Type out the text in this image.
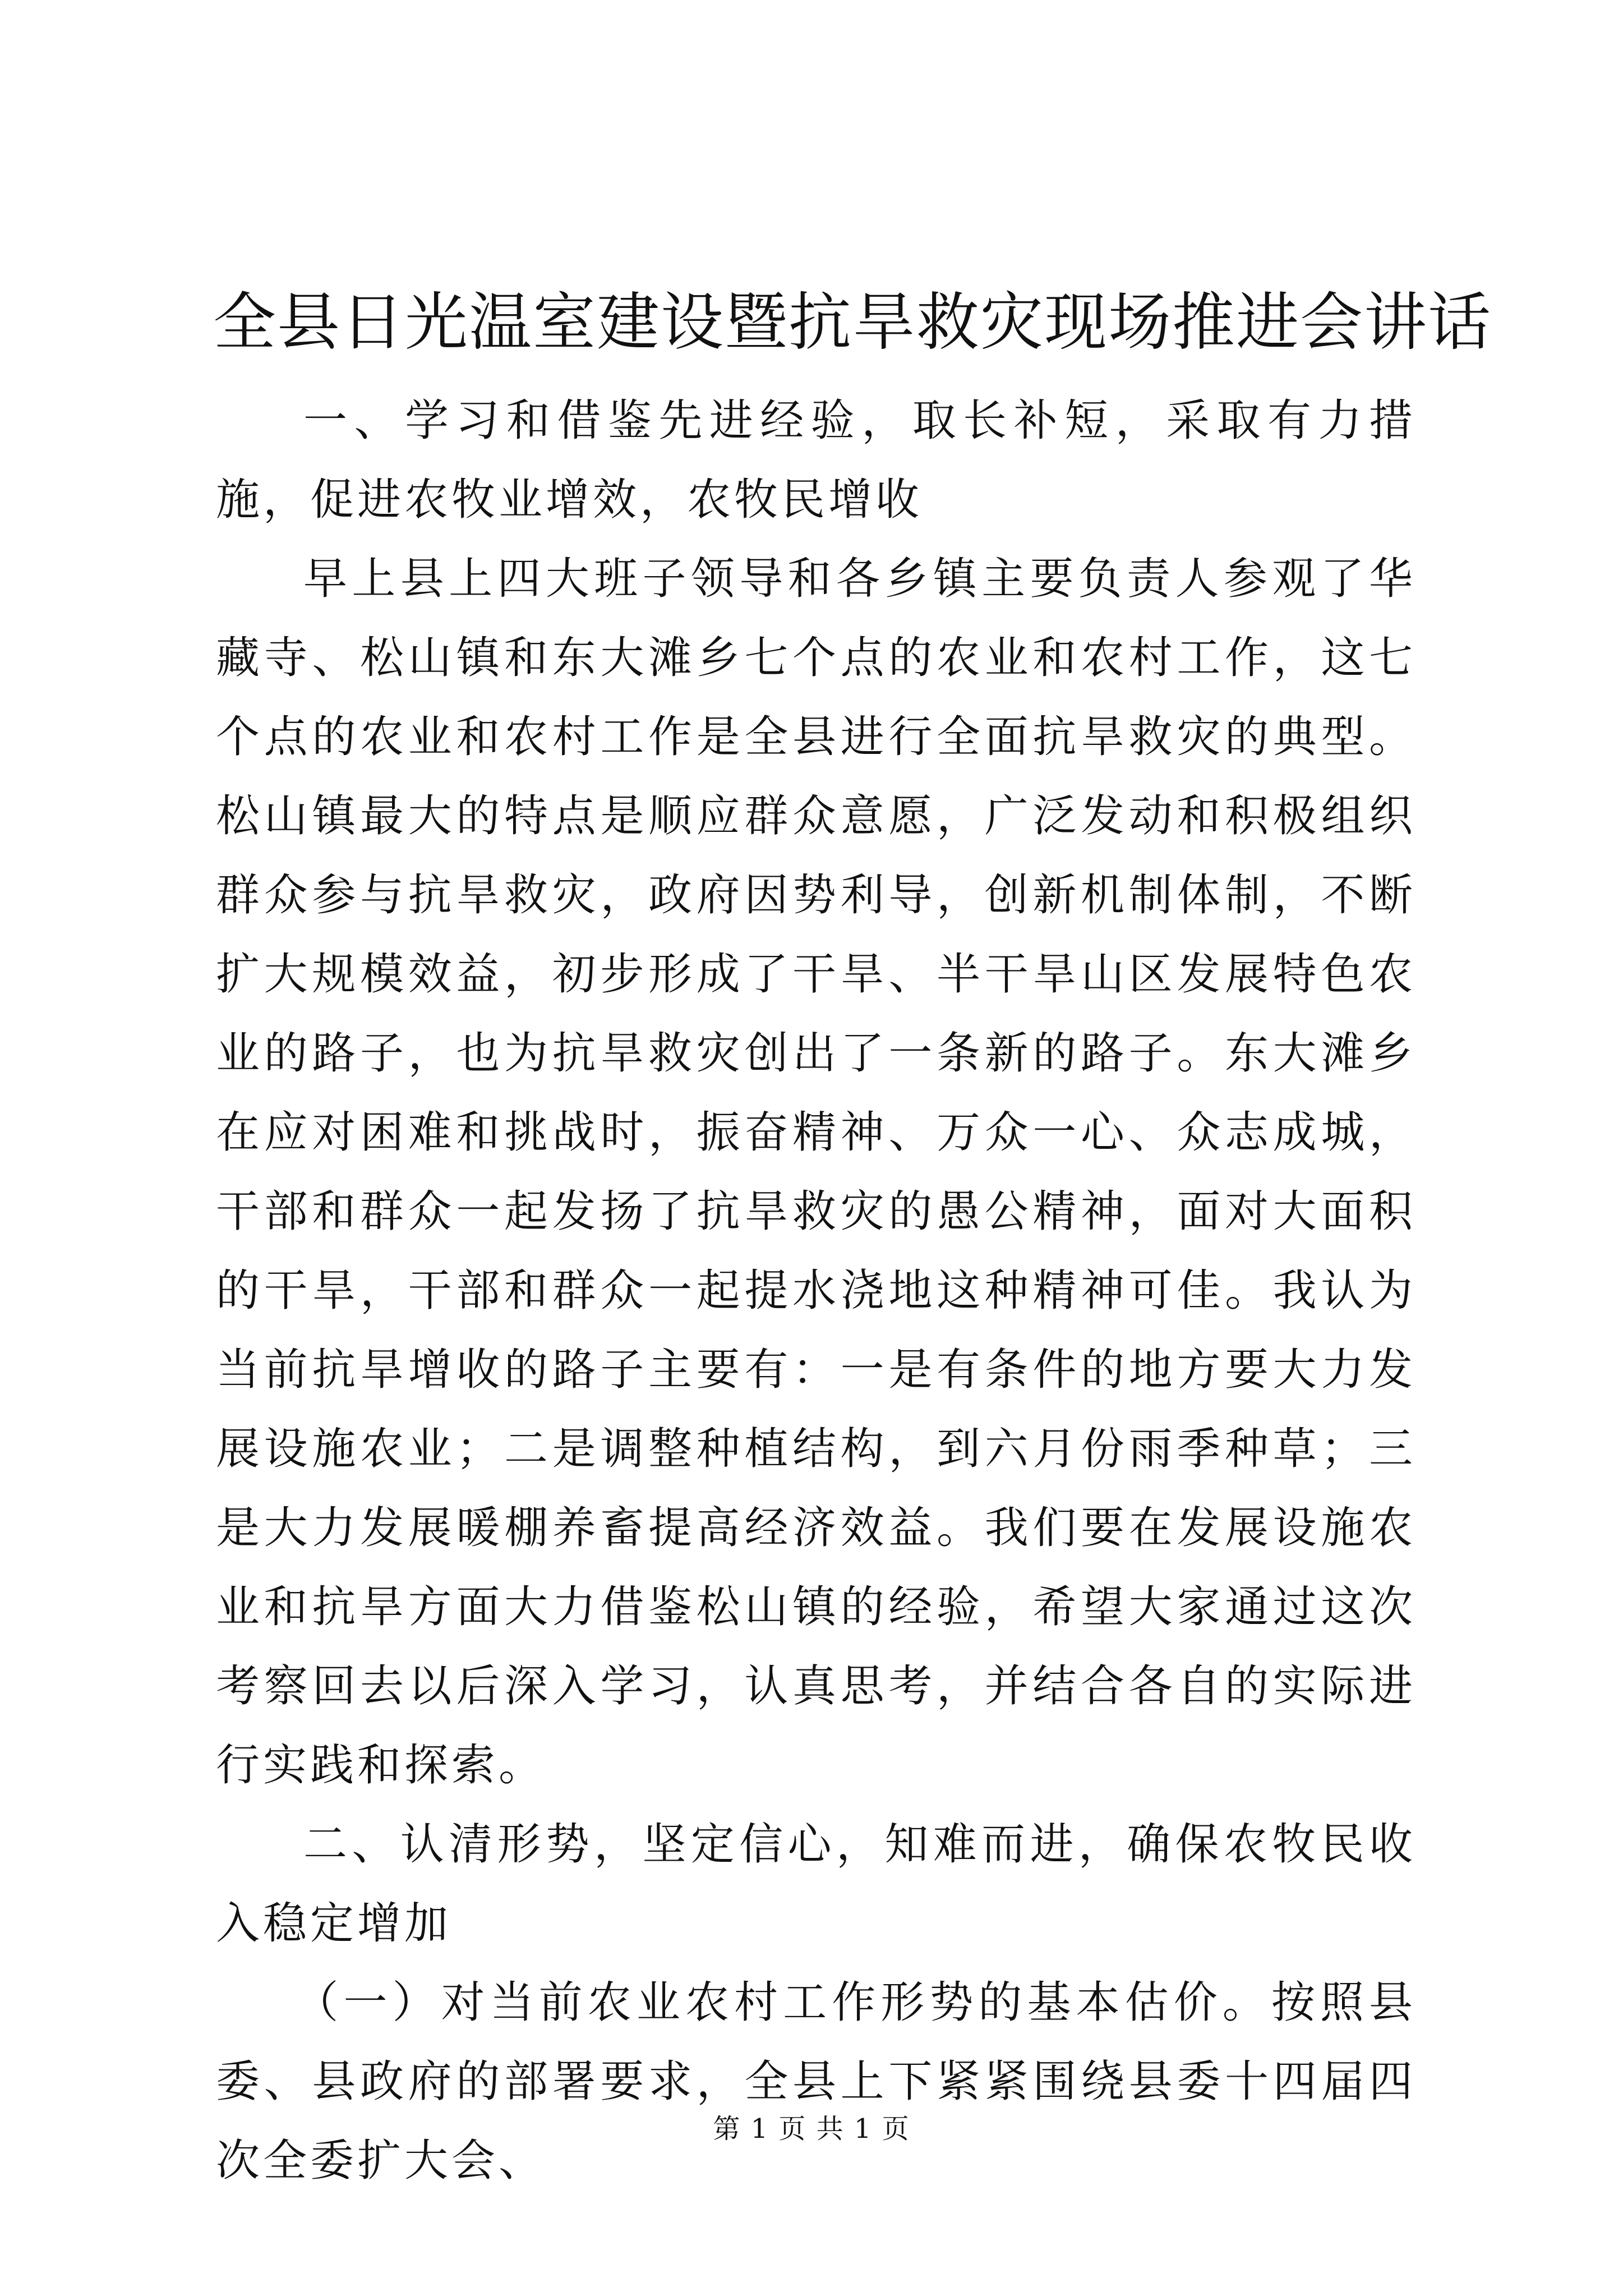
全县日光温室建设暨抗旱救灾现场推进会讲话

一、学习和借鉴先进经验，取长补短，采取有力措施，促进农牧业增效，农牧民增收

早上县上四大班子领导和各乡镇主要负责人参观了华藏寺、松山镇和东大滩乡七个点的农业和农村工作，这七个点的农业和农村工作是全县进行全面抗旱救灾的典型。松山镇最大的特点是顺应群众意愿，广泛发动和积极组织群众参与抗旱救灾，政府因势利导，创新机制体制，不断扩大规模效益，初步形成了干旱、半干旱山区发展特色农业的路子，也为抗旱救灾创出了一条新的路子。东大滩乡在应对困难和挑战时，振奋精神、万众一心、众志成城，干部和群众一起发扬了抗旱救灾的愚公精神，面对大面积的干旱，干部和群众一起提水浇地这种精神可佳。我认为当前抗旱增收的路子主要有：一是有条件的地方要大力发展设施农业；二是调整种植结构，到六月份雨季种草；三是大力发展暖棚养畜提高经济效益。我们要在发展设施农业和抗旱方面大力借鉴松山镇的经验，希望大家通过这次考察回去以后深入学习，认真思考，并结合各自的实际进行实践和探索。

二、认清形势，坚定信心，知难而进，确保农牧民收入稳定增加

（一）对当前农业农村工作形势的基本估价。按照县委、县政府的部署要求，全县上下紧紧围绕县委十四届四次全委扩大会、

第 1 页 共 1 页
